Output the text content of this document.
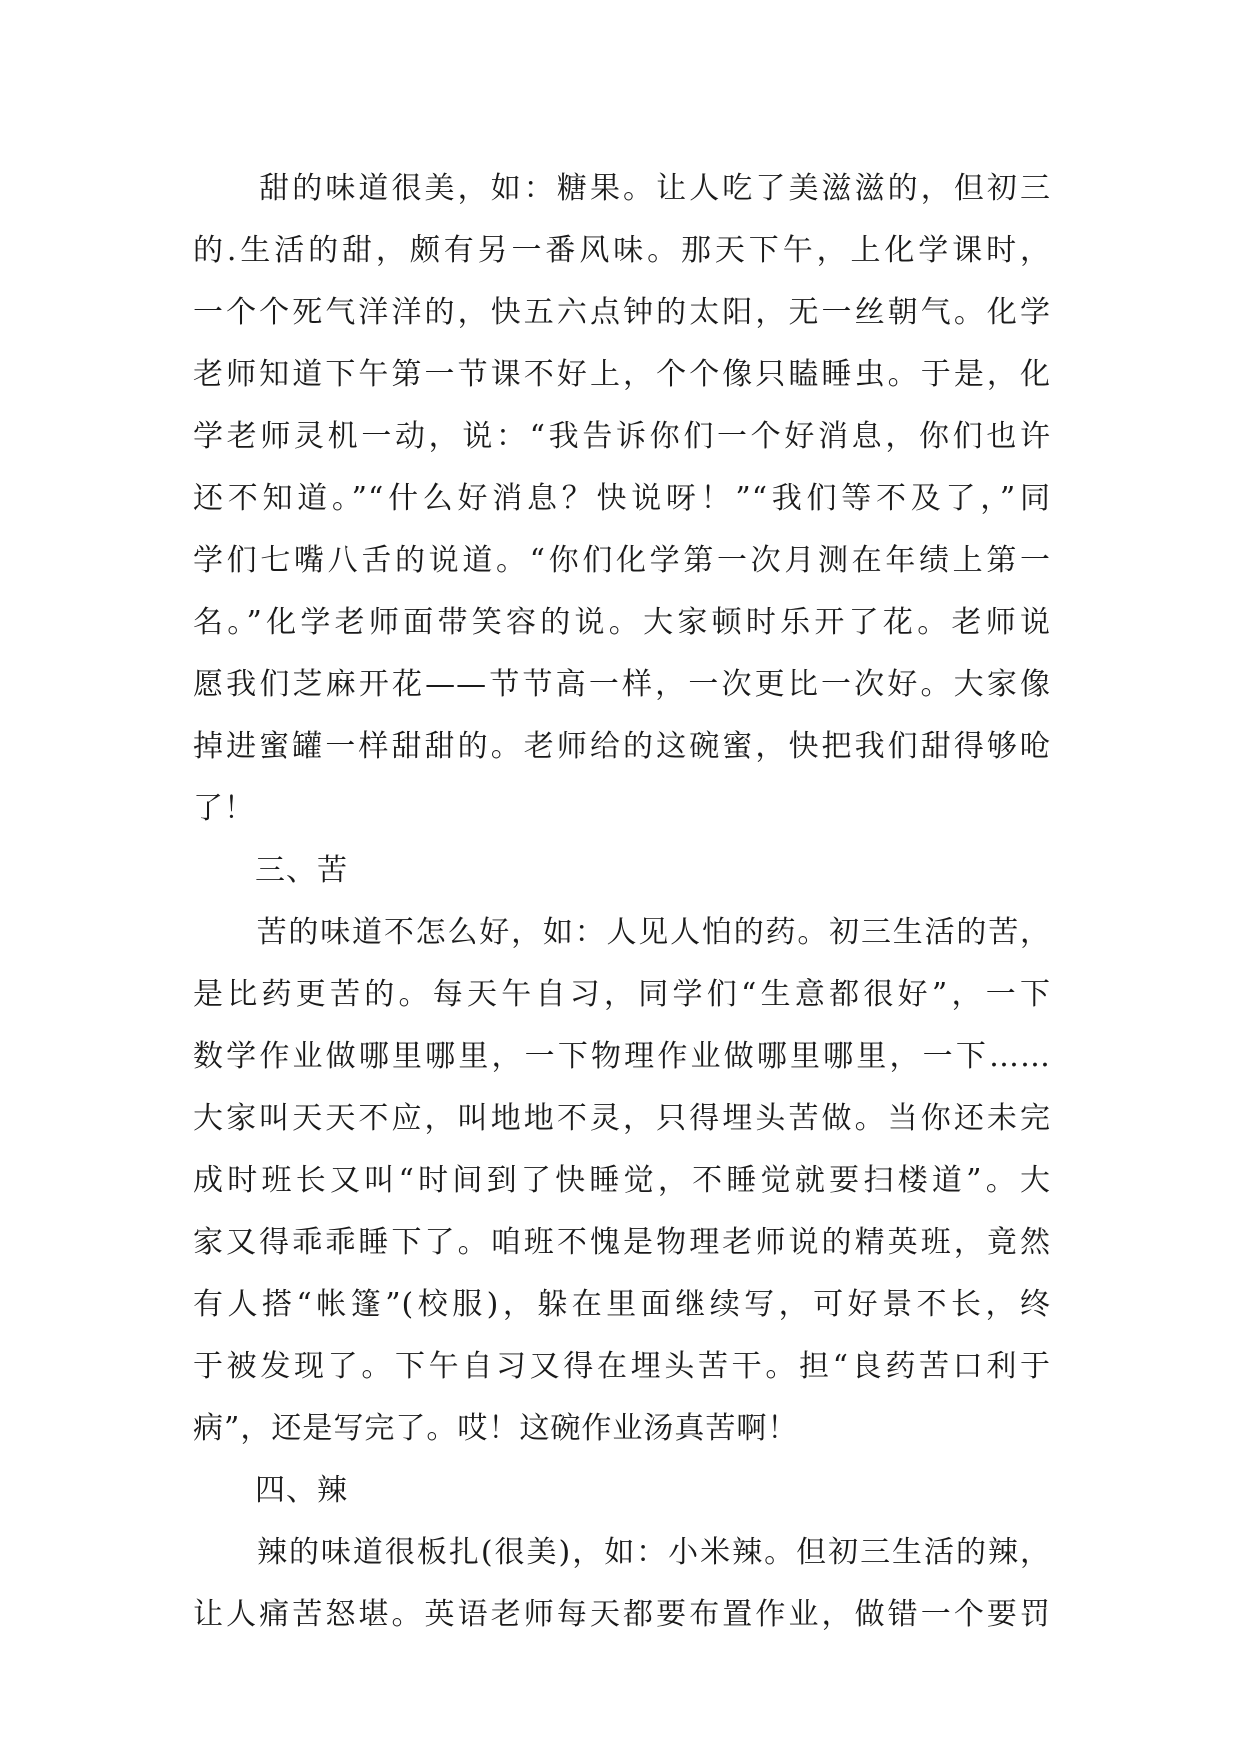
　　甜的味道很美，如：糖果。让人吃了美滋滋的，但初三
的.生活的甜，颇有另一番风味。那天下午，上化学课时，
一个个死气洋洋的，快五六点钟的太阳，无一丝朝气。化学
老师知道下午第一节课不好上，个个像只瞌睡虫。于是，化
学老师灵机一动，说：“我告诉你们一个好消息，你们也许
还不知道。”“什么好消息？快说呀！”“我们等不及了，”同
学们七嘴八舌的说道。“你们化学第一次月测在年绩上第一
名。”化学老师面带笑容的说。大家顿时乐开了花。老师说
愿我们芝麻开花——节节高一样，一次更比一次好。大家像
掉进蜜罐一样甜甜的。老师给的这碗蜜，快把我们甜得够呛
了！
三、苦
　　苦的味道不怎么好，如：人见人怕的药。初三生活的苦，
是比药更苦的。每天午自习，同学们“生意都很好”，一下
数学作业做哪里哪里，一下物理作业做哪里哪里，一下……
大家叫天天不应，叫地地不灵，只得埋头苦做。当你还未完
成时班长又叫“时间到了快睡觉，不睡觉就要扫楼道”。大
家又得乖乖睡下了。咱班不愧是物理老师说的精英班，竟然
有人搭“帐篷”(校服)，躲在里面继续写，可好景不长，终
于被发现了。下午自习又得在埋头苦干。担“良药苦口利于
病”，还是写完了。哎！这碗作业汤真苦啊！
四、辣
　　辣的味道很板扎(很美)，如：小米辣。但初三生活的辣，
让人痛苦怒堪。英语老师每天都要布置作业，做错一个要罚
